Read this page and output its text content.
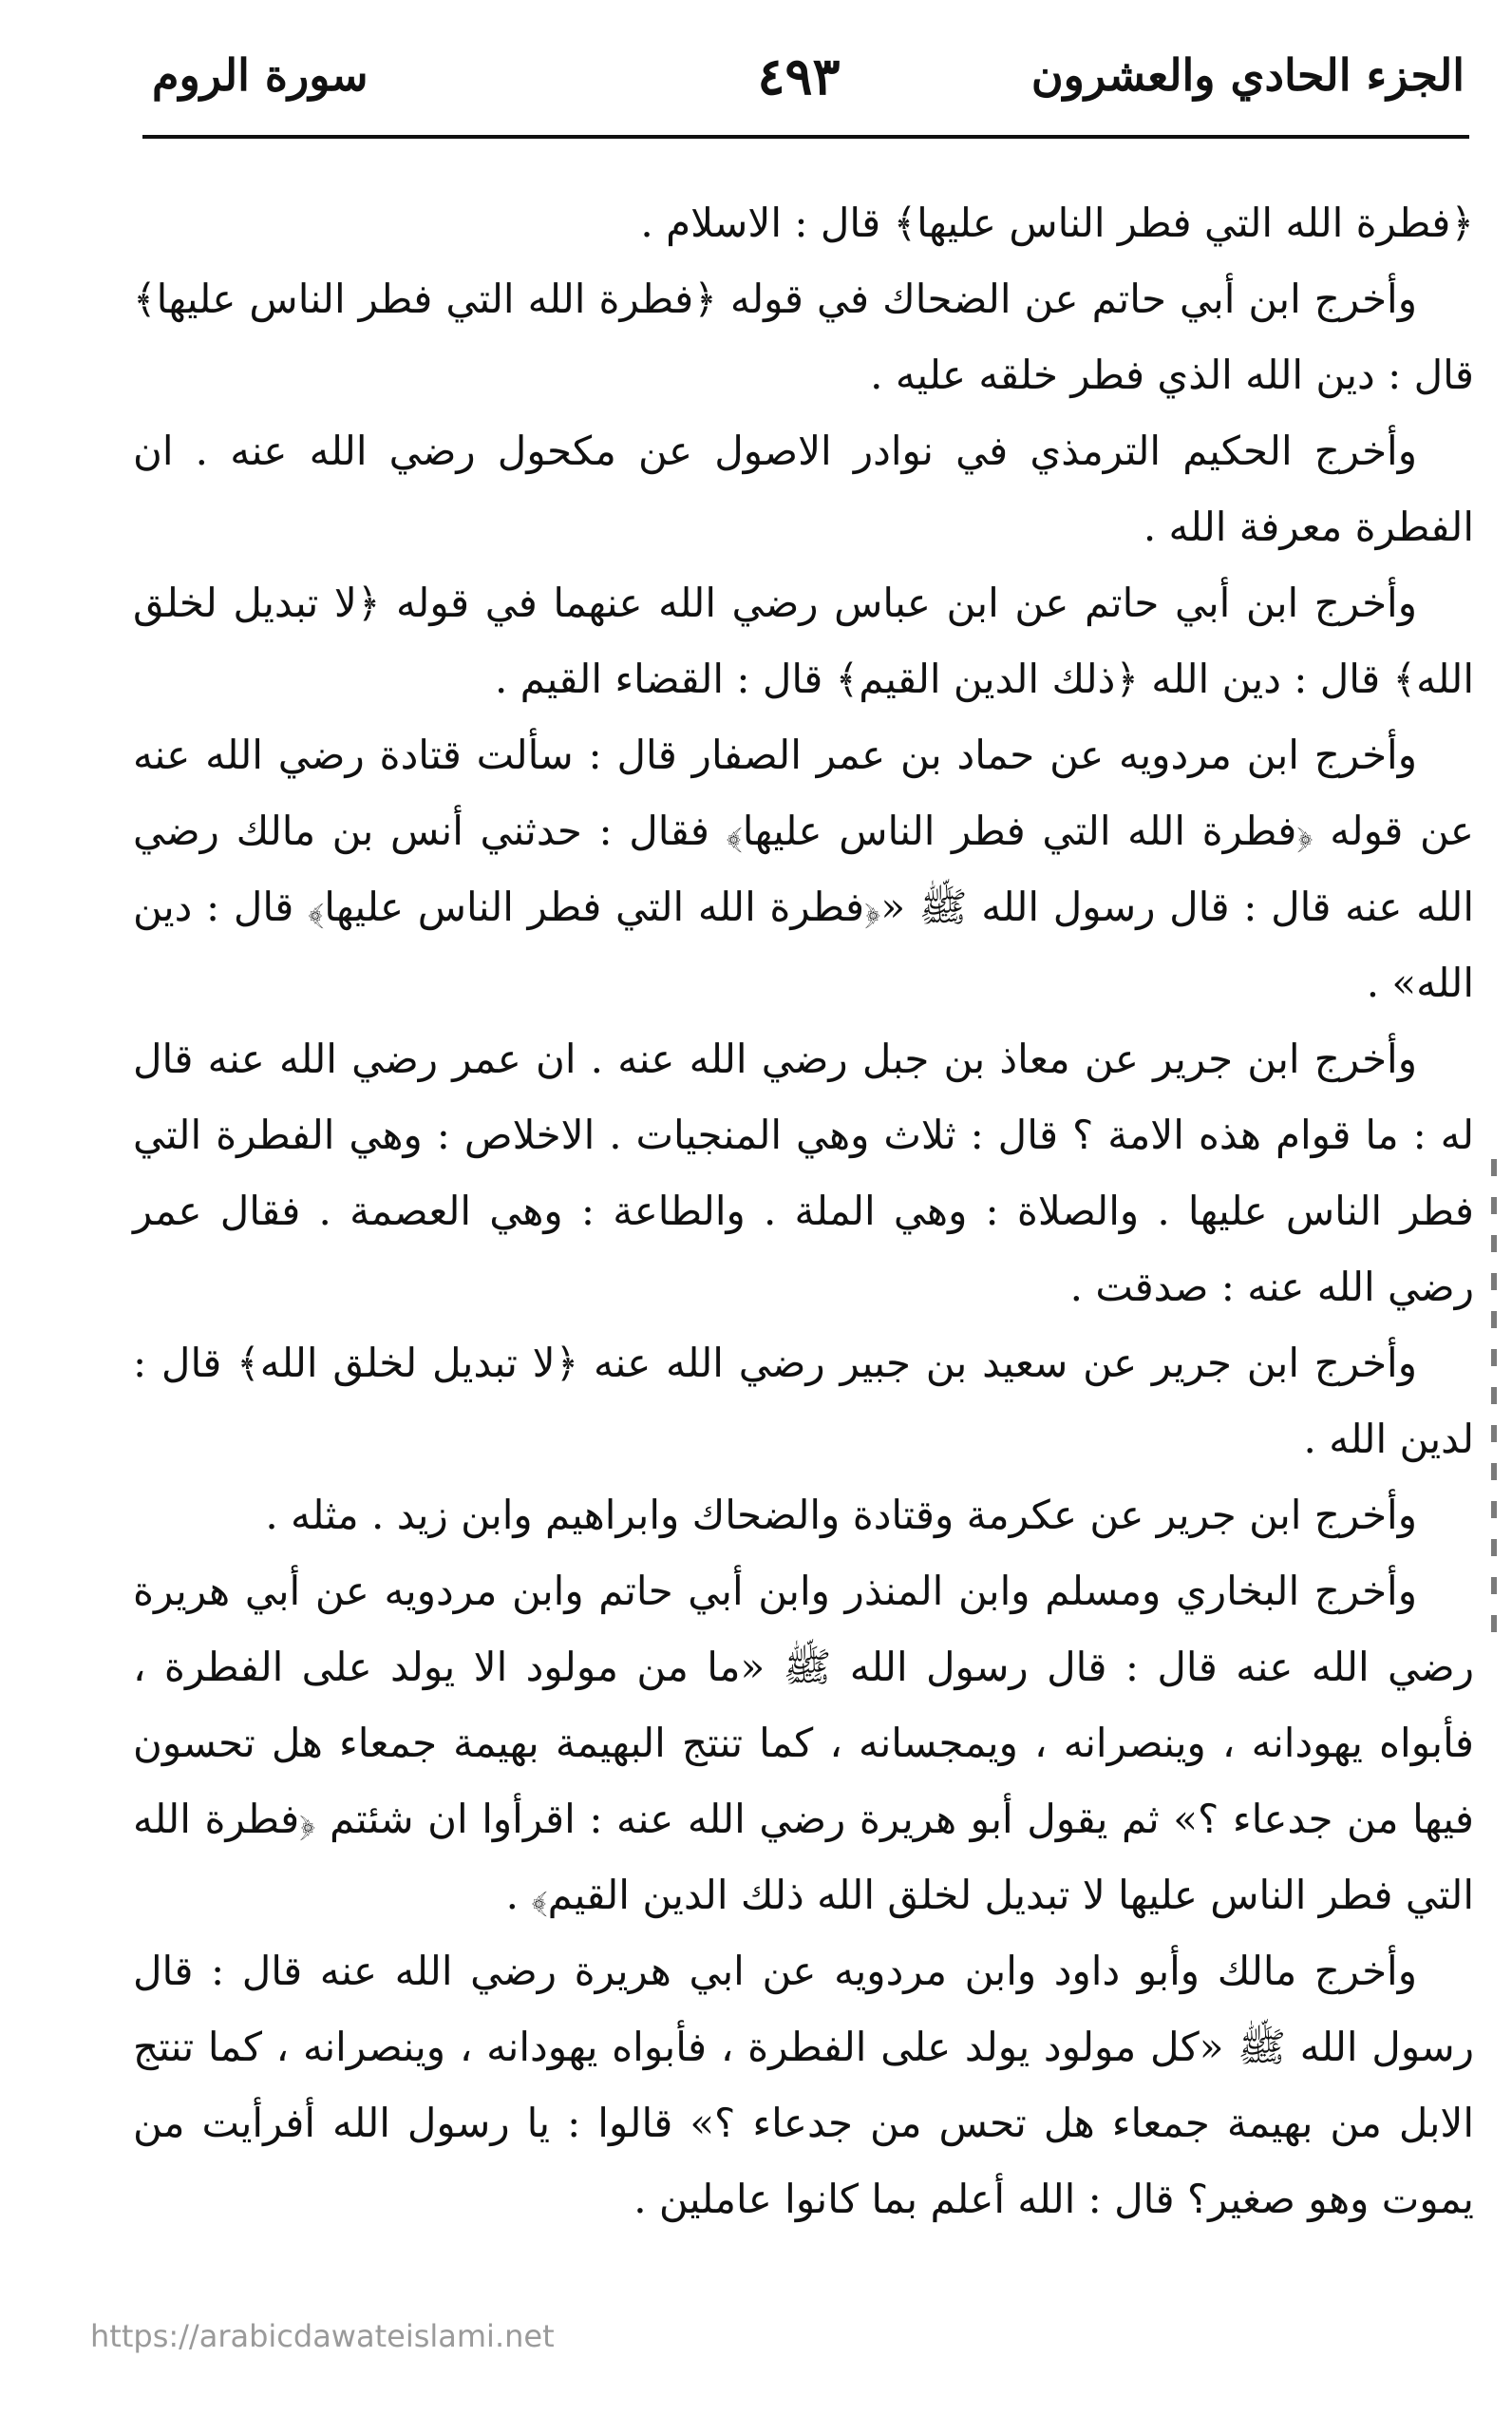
الجزء الحادي والعشرون
٤٩٣
سورة الروم

﴿فطرة الله التي فطر الناس عليها﴾ قال : الاسلام .

وأخرج ابن أبي حاتم عن الضحاك في قوله ﴿فطرة الله التي فطر الناس عليها﴾ قال : دين الله الذي فطر خلقه عليه .

وأخرج الحكيم الترمذي في نوادر الاصول عن مكحول رضي الله عنه . ان الفطرة معرفة الله .

وأخرج ابن أبي حاتم عن ابن عباس رضي الله عنهما في قوله ﴿لا تبديل لخلق الله﴾ قال : دين الله ﴿ذلك الدين القيم﴾ قال : القضاء القيم .

وأخرج ابن مردويه عن حماد بن عمر الصفار قال : سألت قتادة رضي الله عنه عن قوله ﴿فطرة الله التي فطر الناس عليها﴾ فقال : حدثني أنس بن مالك رضي الله عنه قال : قال رسول الله ﷺ «﴿فطرة الله التي فطر الناس عليها﴾ قال : دين الله» .

وأخرج ابن جرير عن معاذ بن جبل رضي الله عنه . ان عمر رضي الله عنه قال له : ما قوام هذه الامة ؟ قال : ثلاث وهي المنجيات . الاخلاص : وهي الفطرة التي فطر الناس عليها . والصلاة : وهي الملة . والطاعة : وهي العصمة . فقال عمر رضي الله عنه : صدقت .

وأخرج ابن جرير عن سعيد بن جبير رضي الله عنه ﴿لا تبديل لخلق الله﴾ قال : لدين الله .

وأخرج ابن جرير عن عكرمة وقتادة والضحاك وابراهيم وابن زيد . مثله .

وأخرج البخاري ومسلم وابن المنذر وابن أبي حاتم وابن مردويه عن أبي هريرة رضي الله عنه قال : قال رسول الله ﷺ «ما من مولود الا يولد على الفطرة ، فأبواه يهودانه ، وينصرانه ، ويمجسانه ، كما تنتج البهيمة بهيمة جمعاء هل تحسون فيها من جدعاء ؟» ثم يقول أبو هريرة رضي الله عنه : اقرأوا ان شئتم ﴿فطرة الله التي فطر الناس عليها لا تبديل لخلق الله ذلك الدين القيم﴾ .

وأخرج مالك وأبو داود وابن مردويه عن ابي هريرة رضي الله عنه قال : قال رسول الله ﷺ «كل مولود يولد على الفطرة ، فأبواه يهودانه ، وينصرانه ، كما تنتج الابل من بهيمة جمعاء هل تحس من جدعاء ؟» قالوا : يا رسول الله أفرأيت من يموت وهو صغير؟ قال : الله أعلم بما كانوا عاملين .

https://arabicdawateislami.net
